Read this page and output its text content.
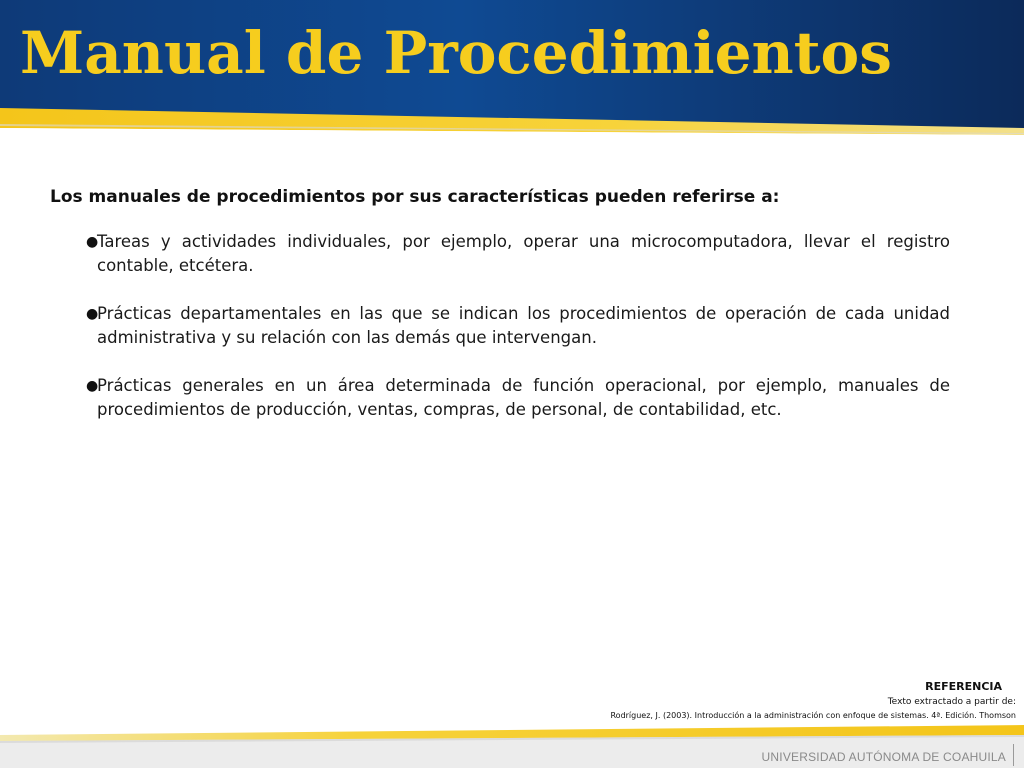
Manual de Procedimientos

Los manuales de procedimientos por sus características pueden referirse a:

●
Tareas y actividades individuales, por ejemplo, operar una microcomputadora, llevar el registro contable, etcétera.
●
Prácticas departamentales en las que se indican los procedimientos de operación de cada unidad administrativa y su relación con las demás que intervengan.
●
Prácticas generales en un área determinada de función operacional, por ejemplo, manuales de procedimientos de producción, ventas, compras, de personal, de contabilidad, etc.

REFERENCIA

Texto extractado a partir de:

Rodríguez, J. (2003). Introducción a la administración con enfoque de sistemas. 4ª. Edición. Thomson

UNIVERSIDAD AUTÓNOMA DE COAHUILA
